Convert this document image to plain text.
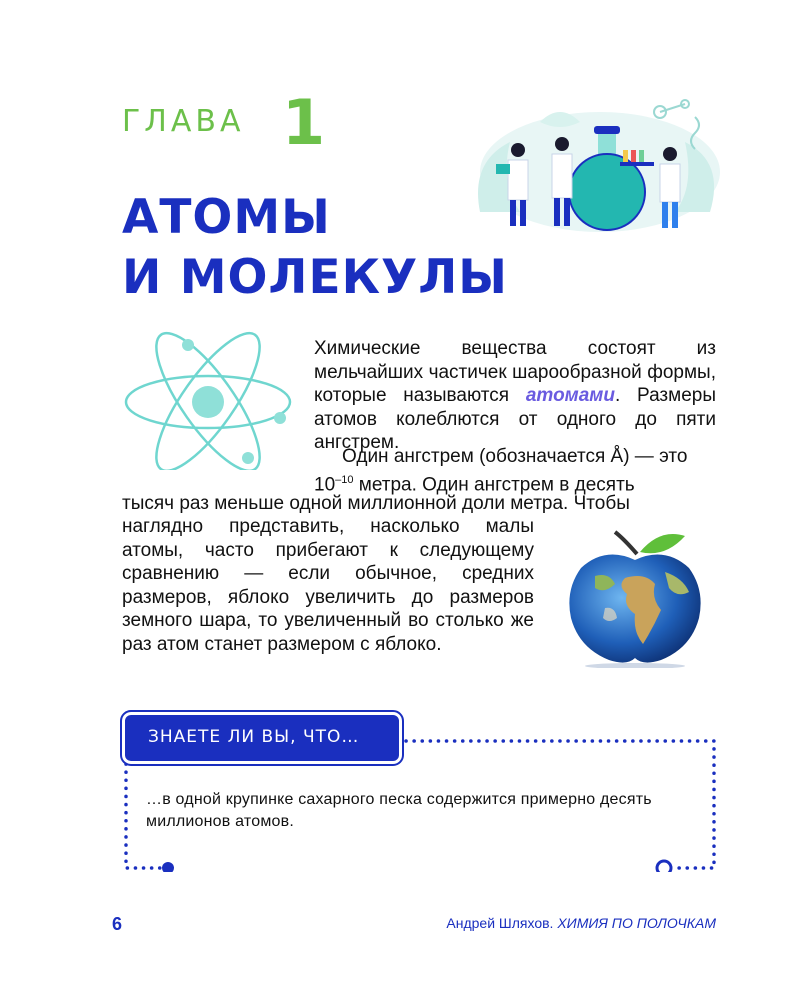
ГЛАВА 1
АТОМЫ
И МОЛЕКУЛЫ

Химические вещества состоят из мельчайших частичек шарообразной формы, которые называются атомами. Размеры атомов колеблются от одного до пяти ангстрем.

Один ангстрем (обозначается Å) — это $10^{-10}$ метра. Один ангстрем в десять

тысяч раз меньше одной миллионной доли метра. Чтобы

наглядно представить, насколько малы атомы, часто прибегают к следующему сравнению — если обычное, средних размеров, яблоко увеличить до размеров земного шара, то увеличенный во столько же раз атом станет размером с яблоко.

ЗНАЕТЕ ЛИ ВЫ, ЧТО…

…в одной крупинке сахарного песка содержится примерно десять миллионов атомов.

6	Андрей Шляхов. ХИМИЯ ПО ПОЛОЧКАМ
